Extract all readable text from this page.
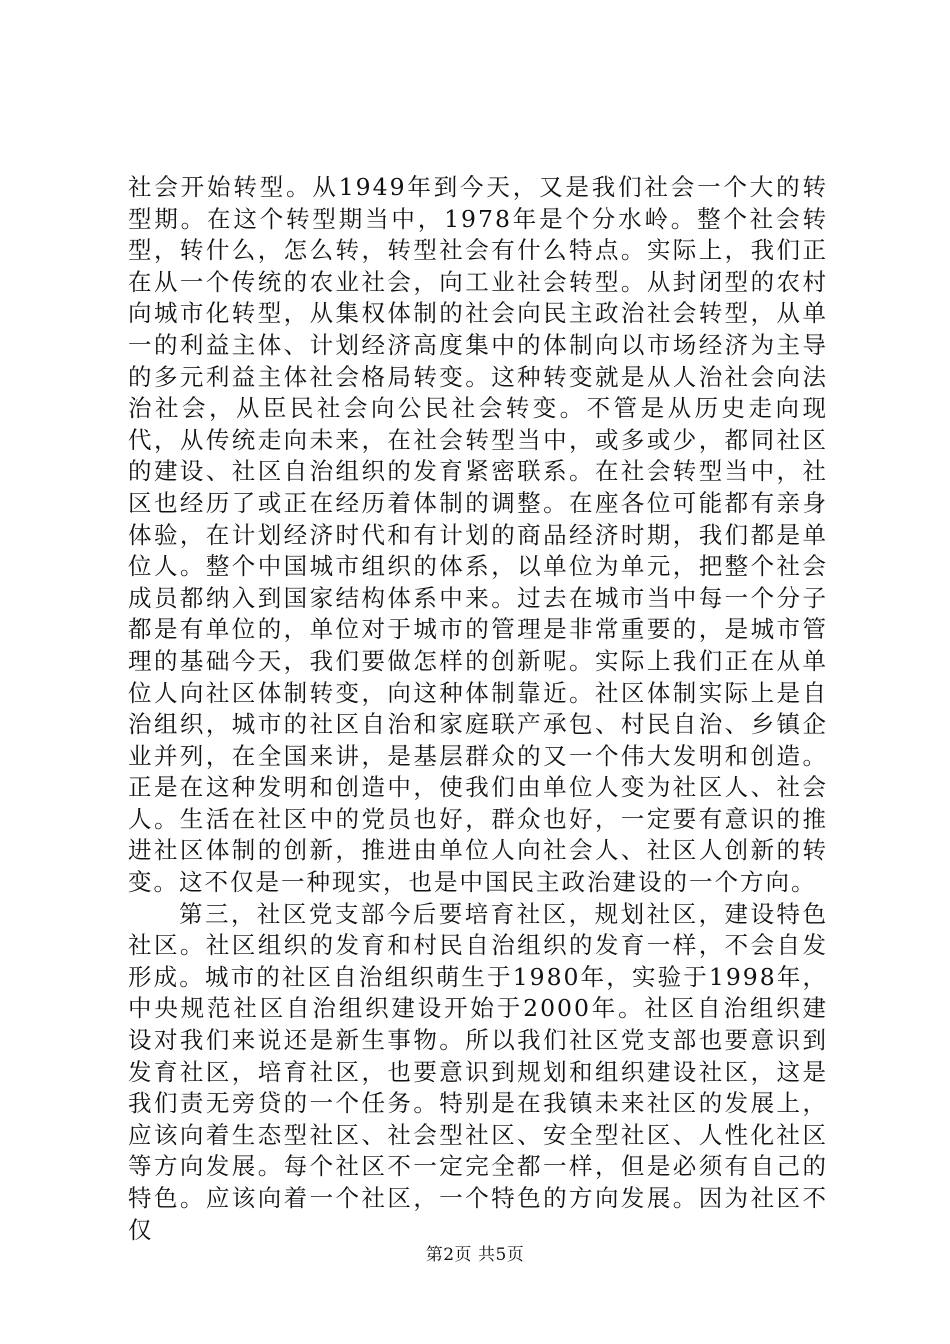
社会开始转型。从1949年到今天，又是我们社会一个大的转型期。在这个转型期当中，1978年是个分水岭。整个社会转型，转什么，怎么转，转型社会有什么特点。实际上，我们正在从一个传统的农业社会，向工业社会转型。从封闭型的农村向城市化转型，从集权体制的社会向民主政治社会转型，从单一的利益主体、计划经济高度集中的体制向以市场经济为主导的多元利益主体社会格局转变。这种转变就是从人治社会向法治社会，从臣民社会向公民社会转变。不管是从历史走向现代，从传统走向未来，在社会转型当中，或多或少，都同社区的建设、社区自治组织的发育紧密联系。在社会转型当中，社区也经历了或正在经历着体制的调整。在座各位可能都有亲身体验，在计划经济时代和有计划的商品经济时期，我们都是单位人。整个中国城市组织的体系，以单位为单元，把整个社会成员都纳入到国家结构体系中来。过去在城市当中每一个分子都是有单位的，单位对于城市的管理是非常重要的，是城市管理的基础今天，我们要做怎样的创新呢。实际上我们正在从单位人向社区体制转变，向这种体制靠近。社区体制实际上是自治组织，城市的社区自治和家庭联产承包、村民自治、乡镇企业并列，在全国来讲，是基层群众的又一个伟大发明和创造。正是在这种发明和创造中，使我们由单位人变为社区人、社会人。生活在社区中的党员也好，群众也好，一定要有意识的推进社区体制的创新，推进由单位人向社会人、社区人创新的转变。这不仅是一种现实，也是中国民主政治建设的一个方向。

第三，社区党支部今后要培育社区，规划社区，建设特色社区。社区组织的发育和村民自治组织的发育一样，不会自发形成。城市的社区自治组织萌生于1980年，实验于1998年，中央规范社区自治组织建设开始于2000年。社区自治组织建设对我们来说还是新生事物。所以我们社区党支部也要意识到发育社区，培育社区，也要意识到规划和组织建设社区，这是我们责无旁贷的一个任务。特别是在我镇未来社区的发展上，应该向着生态型社区、社会型社区、安全型社区、人性化社区等方向发展。每个社区不一定完全都一样，但是必须有自己的特色。应该向着一个社区，一个特色的方向发展。因为社区不仅

第2页 共5页
